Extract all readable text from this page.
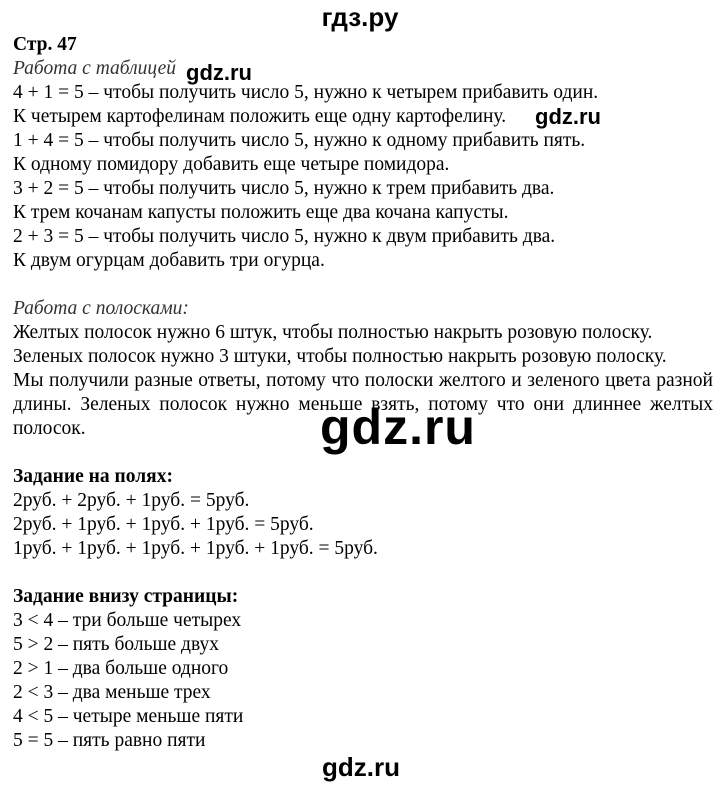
гдз.ру

Стр. 47

Работа с таблицей

4 + 1 = 5 – чтобы получить число 5, нужно к четырем прибавить один.

К четырем картофелинам положить еще одну картофелину.

1 + 4 = 5 – чтобы получить число 5, нужно к одному прибавить пять.

К одному помидору добавить еще четыре помидора.

3 + 2 = 5 – чтобы получить число 5, нужно к трем прибавить два.

К трем кочанам капусты положить еще два кочана капусты.

2 + 3 = 5 – чтобы получить число 5, нужно к двум прибавить два.

К двум огурцам добавить три огурца.

Работа с полосками:

Желтых полосок нужно 6 штук, чтобы полностью накрыть розовую полоску.

Зеленых полосок нужно 3 штуки, чтобы полностью накрыть розовую полоску.

Мы получили разные ответы, потому что полоски желтого и зеленого цвета разной длины. Зеленых полосок нужно меньше взять, потому что они длиннее желтых полосок.

Задание на полях:

2руб. + 2руб. + 1руб. = 5руб.

2руб. + 1руб. + 1руб. + 1руб. = 5руб.

1руб. + 1руб. + 1руб. + 1руб. + 1руб. = 5руб.

Задание внизу страницы:

3 < 4 – три больше четырех

5 > 2 – пять больше двух

2 > 1 – два больше одного

2 < 3 – два меньше трех

4 < 5 – четыре меньше пяти

5 = 5 – пять равно пяти

gdz.ru
gdz.ru
gdz.ru
gdz.ru
